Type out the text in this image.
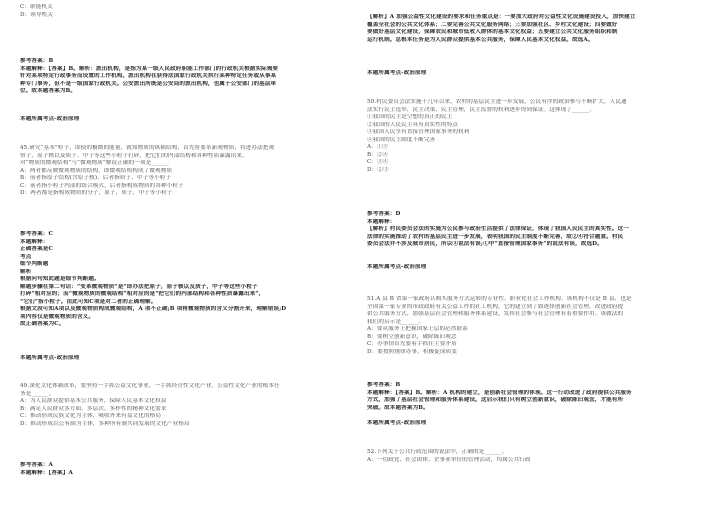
C：职能机关
D：领导机关
参考答案：B
本题解释：【答案】B。解析：派出机构，是指为某一级人民政府职能工作部门的行政机关根据实际需要
针对某项特定行政事务而设置的工作机构。派出机构在获得法国家行政机关执行某种特定任务或从事某
种专门事务，但不是一级国家行政机关。公安派出所既是公安局的派出机构，也属于公安部门的基层单
位。故本题答案为B。
本题所属考点-政治原理
45.研究“基本”粒子、即使的极微的能量，就知物质的纵横结构，首先将要革新观物质，将进办法把观
察子，原子核以及质子、中子等这些小粒子打碎，把它们的内部结构和各种性质暴露出来。
对“物质的微观结构”与“微观物质”解说正确的一项是______
A：两者都反映微观物质的结构，即微观结构构成了微观物质
B：前者指原子结构(含原子核)，后者指质子、中子等小粒子
C：前者指小粒子内部的组合模式，后者指构成物质的各种小粒子
D：两者都是指构成物质的分子，原子，质子，中子等小粒子
参考答案：C
本题解释：
正确答案是C
考点
细节判断题
解析
根据问句知此题是细节判断题。
解题步骤在第二句话：“变革微观物质”是“即办法把原子，原子核以及质子，中子等这些小粒子
打碎”相对应的；而“微观物质的微观结构”相对应的是“把它们的内部结构和各种性质暴露出来”，
“它们”指小粒子。由此可知C项是对二者的正确理解。
根据文段可知A项以及微观物质构成微观结构，A 项不正确;B 项将微观物质的含义分割开来，理解错误;D
项内容仅是微观物质的含义。
故正确答案为C。
本题所属考点-政治原理
49.深化文化体制改革，要坚持一手抓公益文化事业，一手抓经营性文化产业。公益性文化产业的根本任
务是______。
A：为人民群众提供基本公共服务，保障人民基本文化权益
B：满足人民群众多方面、多层次、多样性的精神文化需求
C：推动形成民族文化为主体，吸收外来有益文化的格局
D：推动形成以公有制为主体，多种所有制共同发展的文化产业格局
参考答案：A
本题解释：【答案】A
【解析】A 加强公益性文化建设的要求和任务重点是：一要加大政府对公益性文化设施建设投入，加快建立
覆盖全社会的公共文化体系；二要完善公共文化服务网络；三要加强社区、乡村文化建设；四要做好
要做好基层文化建设，保障农民和城市低收入群体的基本文化权益；五要建立公共文化服务组织和制
运行机制。总根本任务是为人民群众提供基本公共服务，保障人民基本文化权益。故选A。
本题所属考点-政治原理
50.村民委员会法实施十几年以来，农村的基层民主进一步发展，公民有序的政治参与不断扩大，人民通
法实行民主选举，民主决策，民主管理，民主监督的权利逐步得到保证。这体现了______。
①我国的民主是空想的真正的民主
②我国的人民民主具有真实性的特点
③我国人民享有直接管理国家事务的权利
④我国的民主制度不断完善
A：①③
B：②④
C：③④
D：②③
参考答案：D
本题解释：
【解析】村民委员会法的实施为公民参与政治生活提供了法律保证，体现了我国人民民主的真实性。这一
法律的实施推动了农村的基层民主进一步发展，表明我国的民主制度不断完善，故②④符合题意。村民
委员会法并不涉及城市居民，所以③说法有误;①中“直接管理国家事务”的说法有误，故选D。
本题所属考点-政治原理
51.A 县 B 省第一家政府认购买服务方式运转的专业性、职业化社会工作机构。该机构不仅是 B 县、也是
全国第一家专业的市政政府有关公益工作的社工机构，它的建立到了如逐择创新社会管理，改进政府提
供公共服务方式，加强基层社会管理和服务体系建设，发挥社会参与社会管理有着重要作用。该做法的
我们的启示是______。
A：要从服务上把握国家上层的必然联系
B：要树立创新意识，破除陈旧观念
C：办事情首先要着手抓住主要矛盾
D：要按照规律办事，积极促成质变
参考答案：B
本题解释：【答案】B。解析：A 机构的建立，是创新社会管理的体现。这一行动改进了政府提供公共服务
方式，加强了基层社会管理和服务体系建设。这启示我们只有树立创新意识，破除陈旧观念，才能有所
突破。故本题答案为B。
本题所属考点-政治原理
52.下列关于公共行政范围的说法中，正确的是______。
A：一切政党、社会团体、企事业单位的管理活动，均属公共行政
